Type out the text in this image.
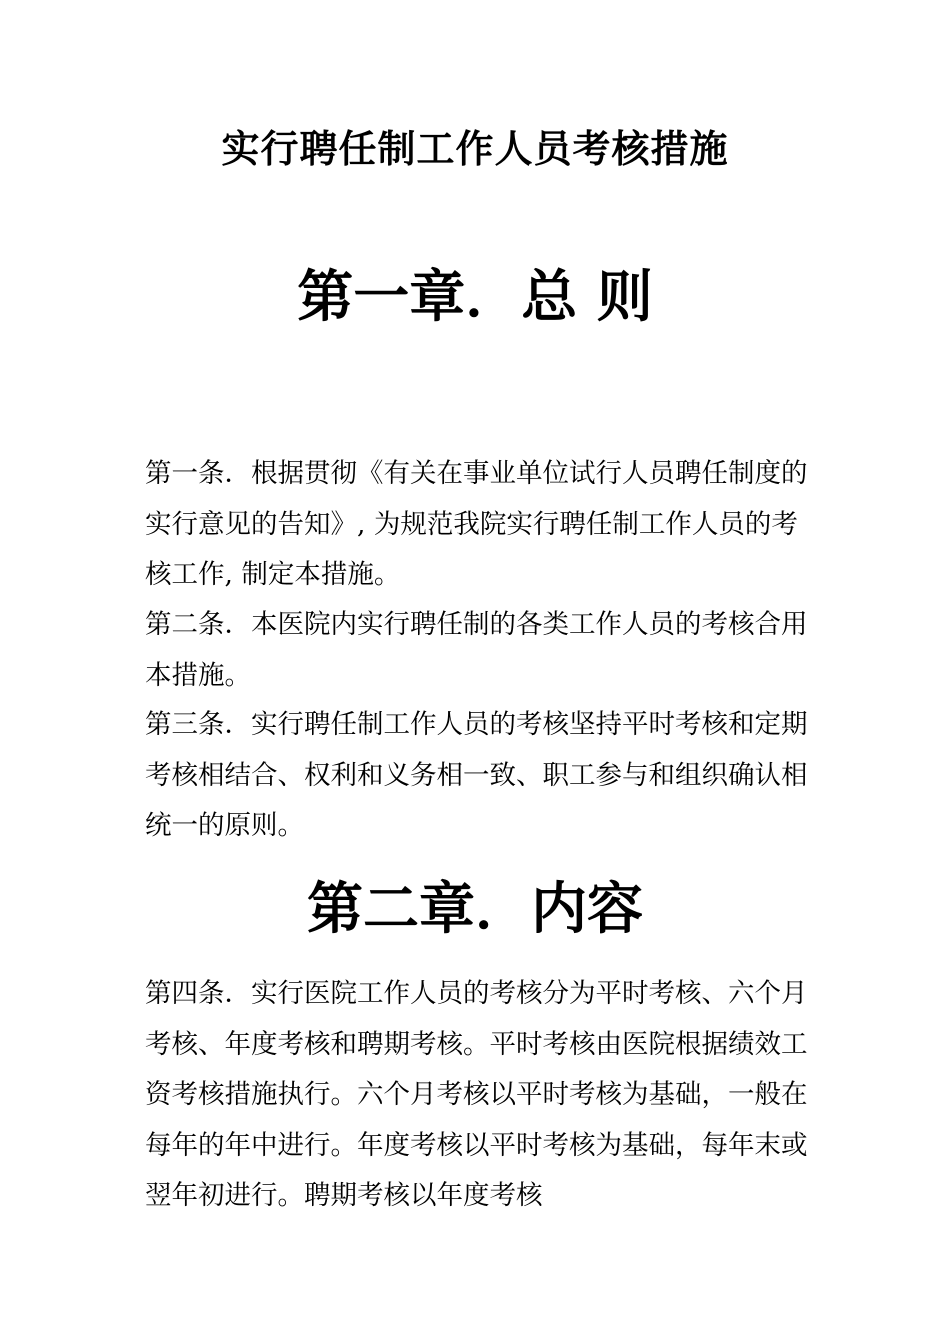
实行聘任制工作人员考核措施
第一章．总 则

第一条．根据贯彻《有关在事业单位试行人员聘任制度的实行意见的告知》, 为规范我院实行聘任制工作人员的考核工作, 制定本措施。

第二条．本医院内实行聘任制的各类工作人员的考核合用本措施。

第三条．实行聘任制工作人员的考核坚持平时考核和定期考核相结合、权利和义务相一致、职工参与和组织确认相统一的原则。

第二章．内容

第四条．实行医院工作人员的考核分为平时考核、六个月考核、年度考核和聘期考核。平时考核由医院根据绩效工资考核措施执行。六个月考核以平时考核为基础，一般在每年的年中进行。年度考核以平时考核为基础，每年末或翌年初进行。聘期考核以年度考核
